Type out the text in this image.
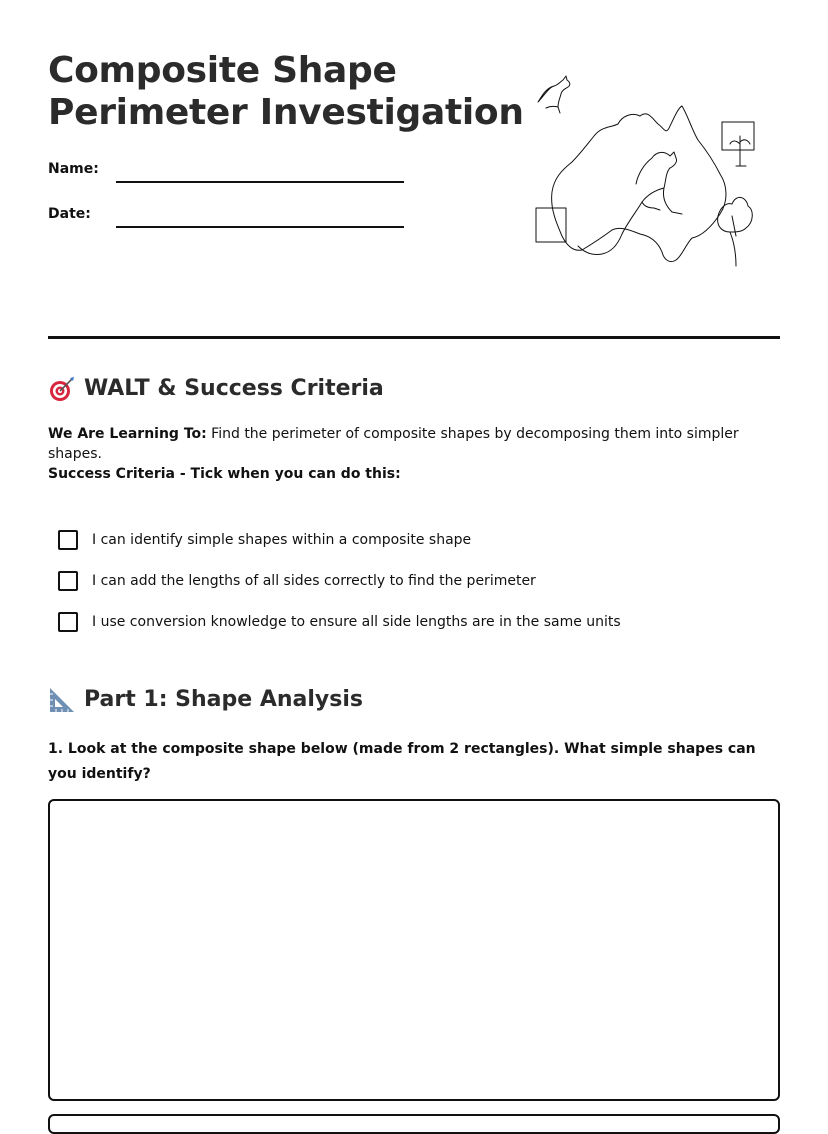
Composite Shape
Perimeter Investigation
Name:
Date:
WALT & Success Criteria

We Are Learning To: Find the perimeter of composite shapes by decomposing them into simpler shapes.

Success Criteria - Tick when you can do this:

I can identify simple shapes within a composite shape
I can add the lengths of all sides correctly to find the perimeter
I use conversion knowledge to ensure all side lengths are in the same units
Part 1: Shape Analysis

1. Look at the composite shape below (made from 2 rectangles). What simple shapes can you identify?
